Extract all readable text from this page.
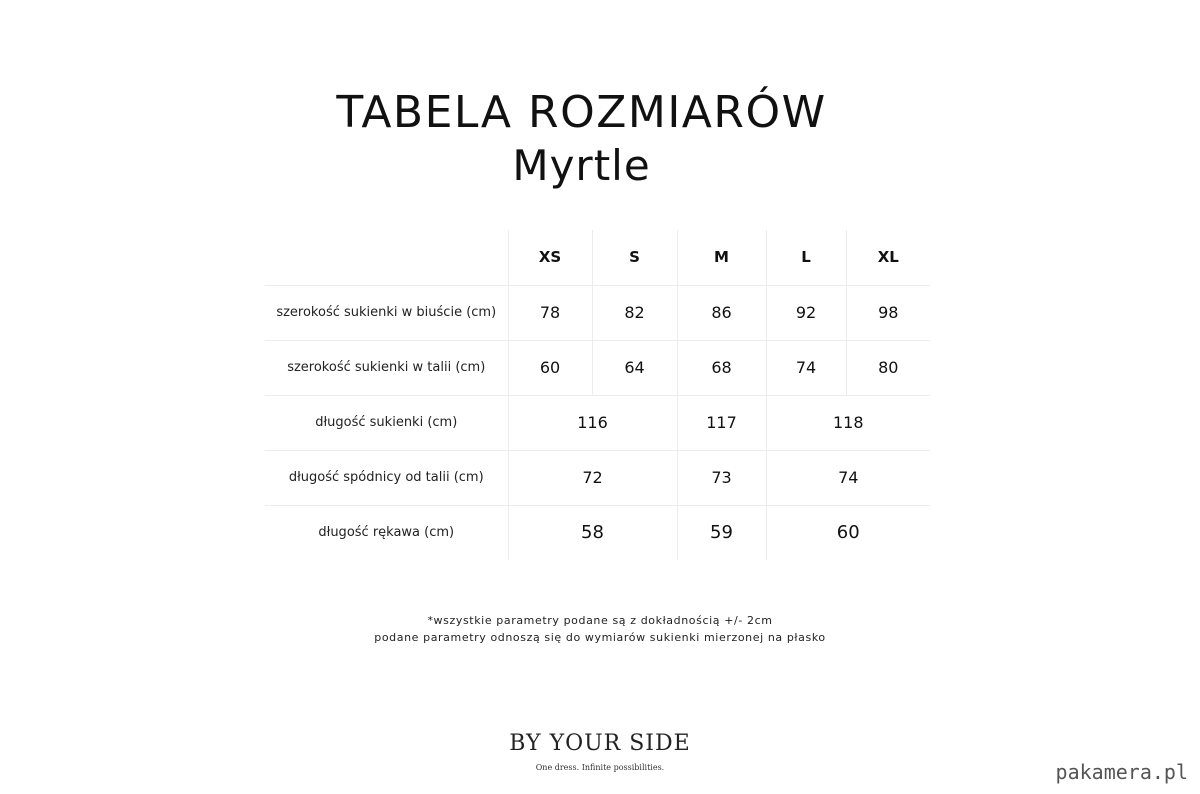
TABELA ROZMIARÓW
Myrtle
	XS	S	M	L	XL
szerokość sukienki w biuście (cm)	78	82	86	92	98
szerokość sukienki w talii (cm)	60	64	68	74	80
długość sukienki (cm)	116		117	118	
długość spódnicy od talii (cm)	72		73	74	
długość rękawa (cm)	58		59	60	
*wszystkie parametry podane są z dokładnością +/- 2cm
podane parametry odnoszą się do wymiarów sukienki mierzonej na płasko
BY YOUR SIDE
One dress. Infinite possibilities.	pakamera.pl
